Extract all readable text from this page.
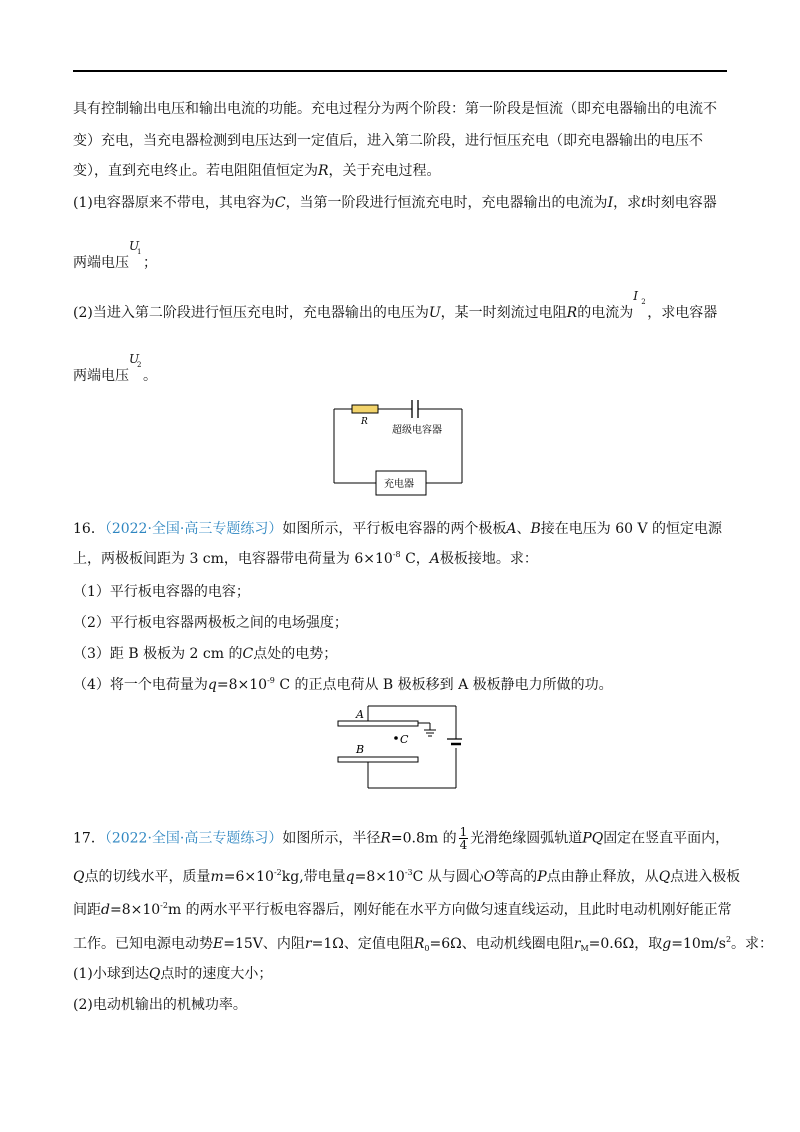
具有控制输出电压和输出电流的功能。充电过程分为两个阶段：第一阶段是恒流（即充电器输出的电流不
变）充电，当充电器检测到电压达到一定值后，进入第二阶段，进行恒压充电（即充电器输出的电压不
变），直到充电终止。若电阻阻值恒定为R，关于充电过程。
(1)电容器原来不带电，其电容为C，当第一阶段进行恒流充电时，充电器输出的电流为I，求t时刻电容器
两端电压
U
1
；
(2)当进入第二阶段进行恒压充电时，充电器输出的电压为U，某一时刻流过电阻R的电流为
I 2
，求电容器
两端电压
U
2
。
R
超级电容器
充电器
16．（2022·全国·高三专题练习）如图所示，平行板电容器的两个极板A、B接在电压为 60 V 的恒定电源
上，两极板间距为 3 cm，电容器带电荷量为 $6\times 10^{-8}$ C，A极板接地。求：
（1）平行板电容器的电容；
（2）平行板电容器两极板之间的电场强度；
（3）距 B 极板为 2 cm 的C点处的电势；
（4）将一个电荷量为$q=8\times 10^{-9}$ C 的正点电荷从 B 极板移到 A 极板静电力所做的功。
A
B
C
17．（2022·全国·高三专题练习）如图所示，半径R=0.8m 的 $\frac{1}{4}$ 光滑绝缘圆弧轨道PQ固定在竖直平面内，
Q点的切线水平，质量$m=6\times 10^{-2}kg$,带电量$q=8\times 10^{-3}C$ 从与圆心O等高的P点由静止释放，从Q点进入极板
间距$d=8\times 10^{-2}m$ 的两水平平行板电容器后，刚好能在水平方向做匀速直线运动，且此时电动机刚好能正常
工作。已知电源电动势E=15V、内阻r=1Ω、定值电阻$R_0=6\Omega$、电动机线圈电阻$r_M=0.6\Omega$，取$g=10m/s^2$。求：
(1)小球到达Q点时的速度大小；
(2)电动机输出的机械功率。
